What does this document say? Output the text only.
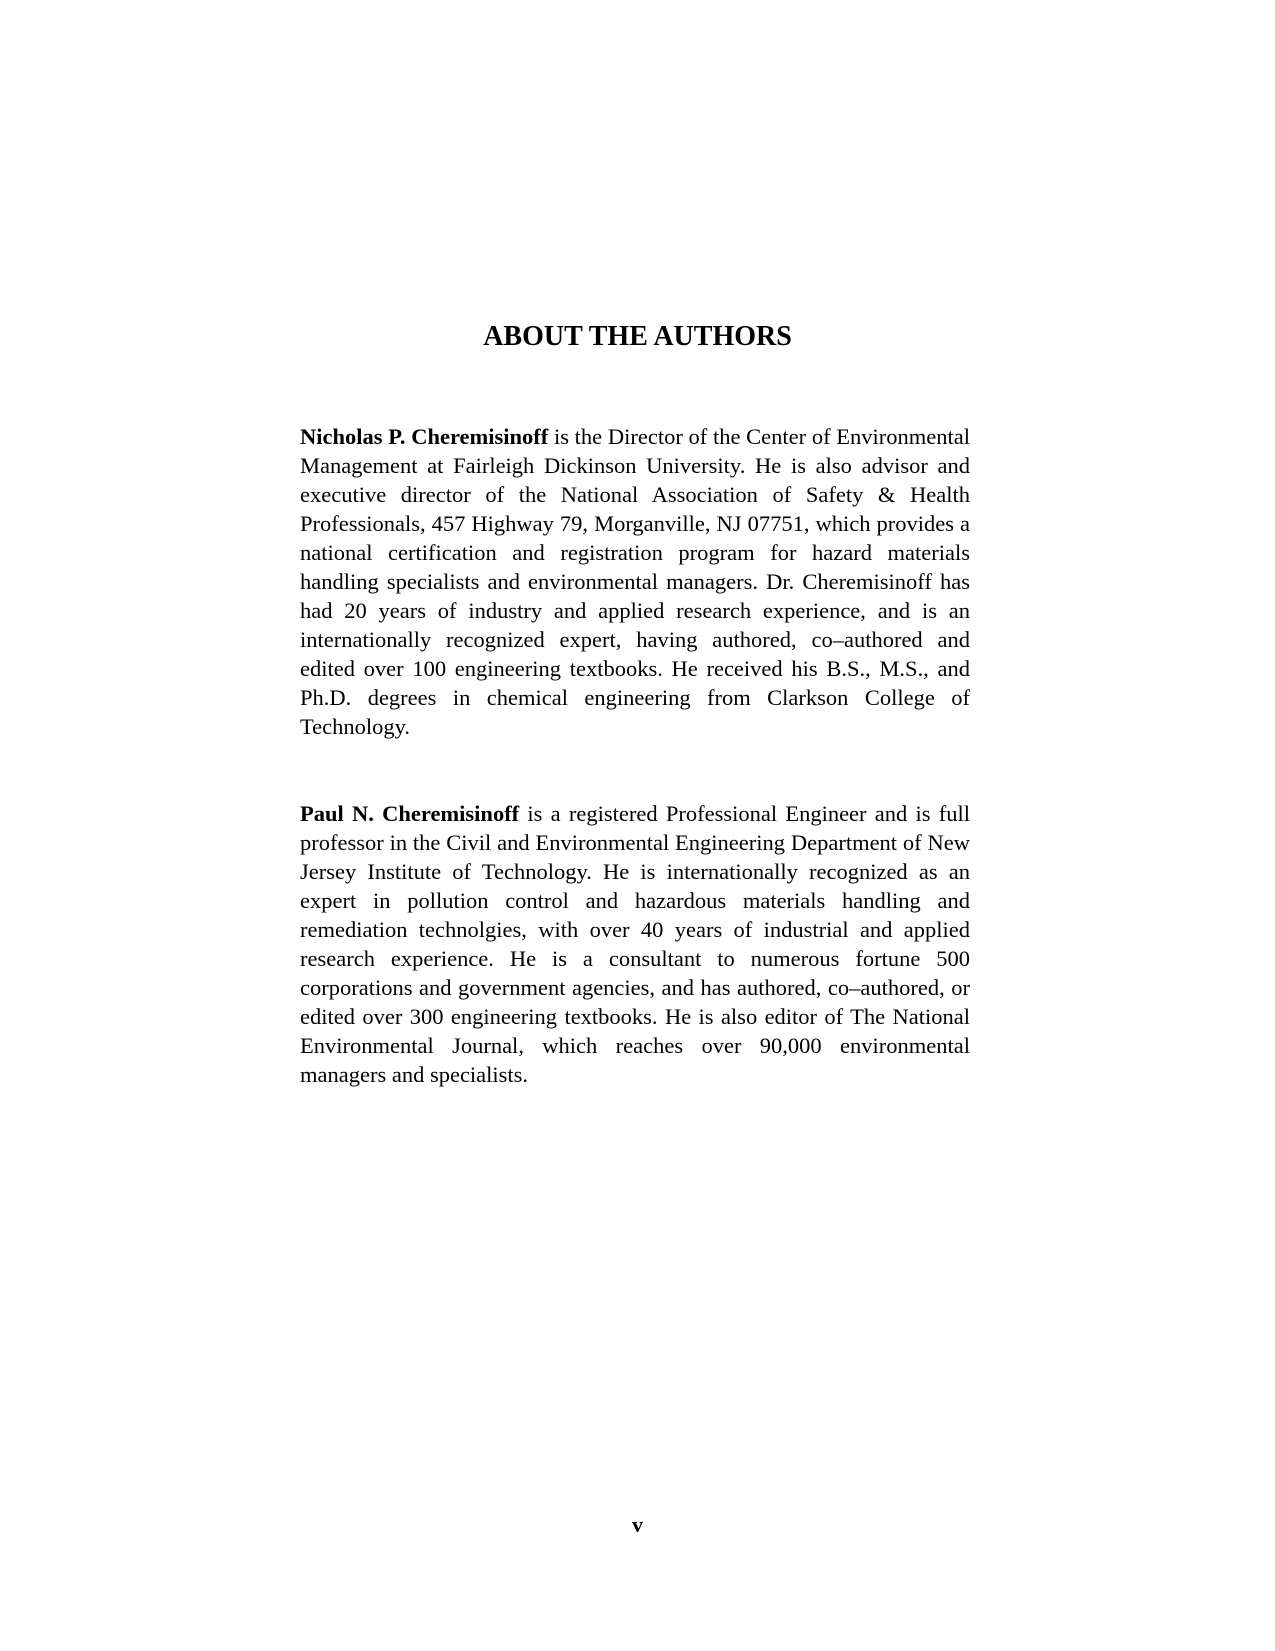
ABOUT THE AUTHORS

Nicholas P. Cheremisinoff is the Director of the Center of Environmental Management at Fairleigh Dickinson University. He is also advisor and executive director of the National Association of Safety & Health Professionals, 457 Highway 79, Morganville, NJ 07751, which provides a national certification and registration program for hazard materials handling specialists and environmental managers. Dr. Cheremisinoff has had 20 years of industry and applied research experience, and is an internationally recognized expert, having authored, co–authored and edited over 100 engineering textbooks. He received his B.S., M.S., and Ph.D. degrees in chemical engineering from Clarkson College of Technology.

Paul N. Cheremisinoff is a registered Professional Engineer and is full professor in the Civil and Environmental Engineering Department of New Jersey Institute of Technology. He is internationally recognized as an expert in pollution control and hazardous materials handling and remediation technolgies, with over 40 years of industrial and applied research experience. He is a consultant to numerous fortune 500 corporations and government agencies, and has authored, co–authored, or edited over 300 engineering textbooks. He is also editor of The National Environmental Journal, which reaches over 90,000 environmental managers and specialists.

v
